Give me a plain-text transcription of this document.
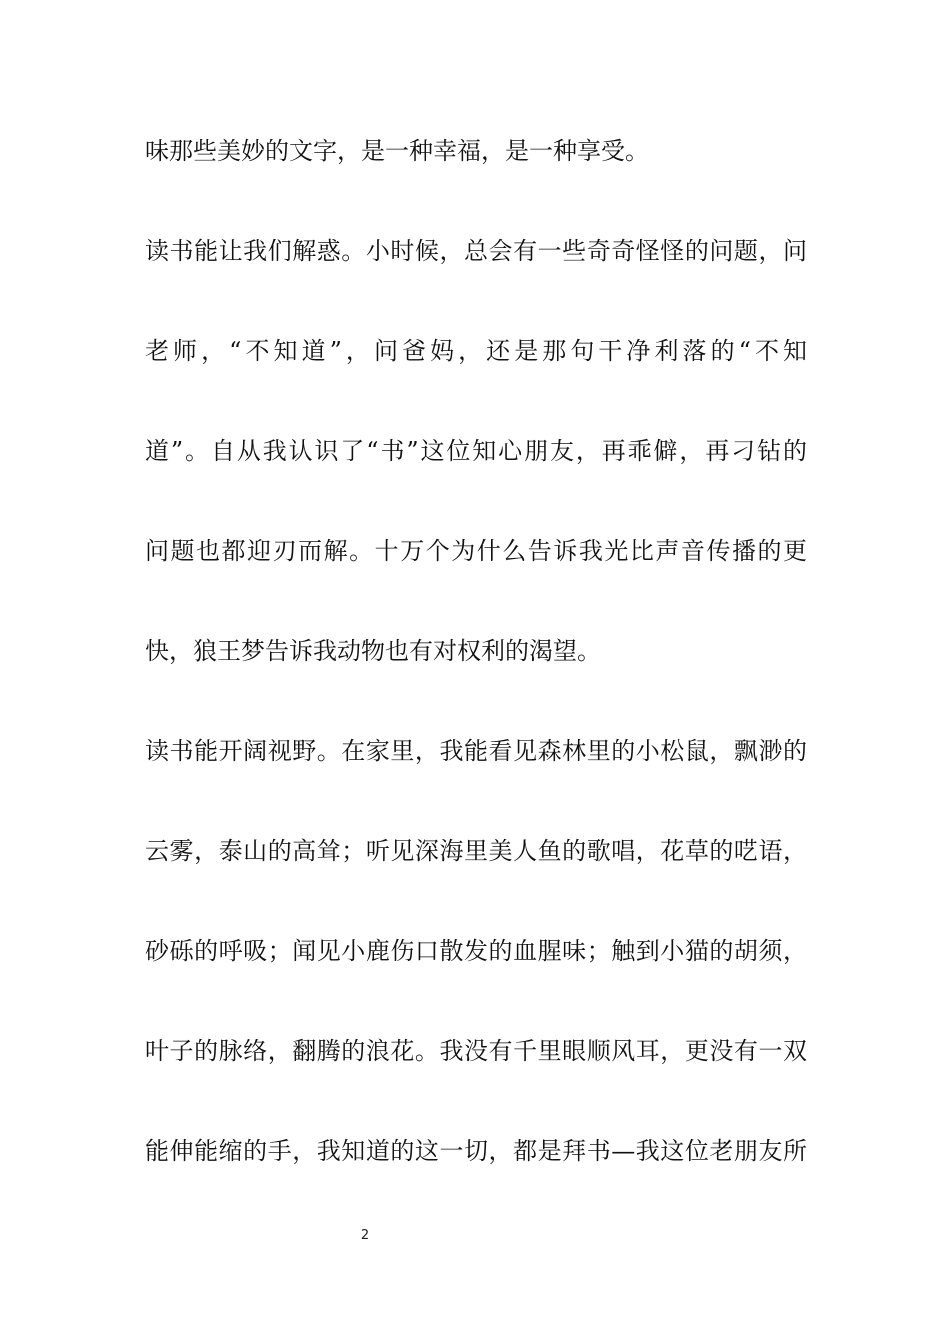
味那些美妙的文字，是一种幸福，是一种享受。
读书能让我们解惑。小时候，总会有一些奇奇怪怪的问题，问
老师，“不知道”，问爸妈，还是那句干净利落的“不知
道”。自从我认识了“书”这位知心朋友，再乖僻，再刁钻的
问题也都迎刃而解。十万个为什么告诉我光比声音传播的更
快，狼王梦告诉我动物也有对权利的渴望。
读书能开阔视野。在家里，我能看见森林里的小松鼠，飘渺的
云雾，泰山的高耸；听见深海里美人鱼的歌唱，花草的呓语，
砂砾的呼吸；闻见小鹿伤口散发的血腥味；触到小猫的胡须，
叶子的脉络，翻腾的浪花。我没有千里眼顺风耳，更没有一双
能伸能缩的手，我知道的这一切，都是拜书—我这位老朋友所
2
